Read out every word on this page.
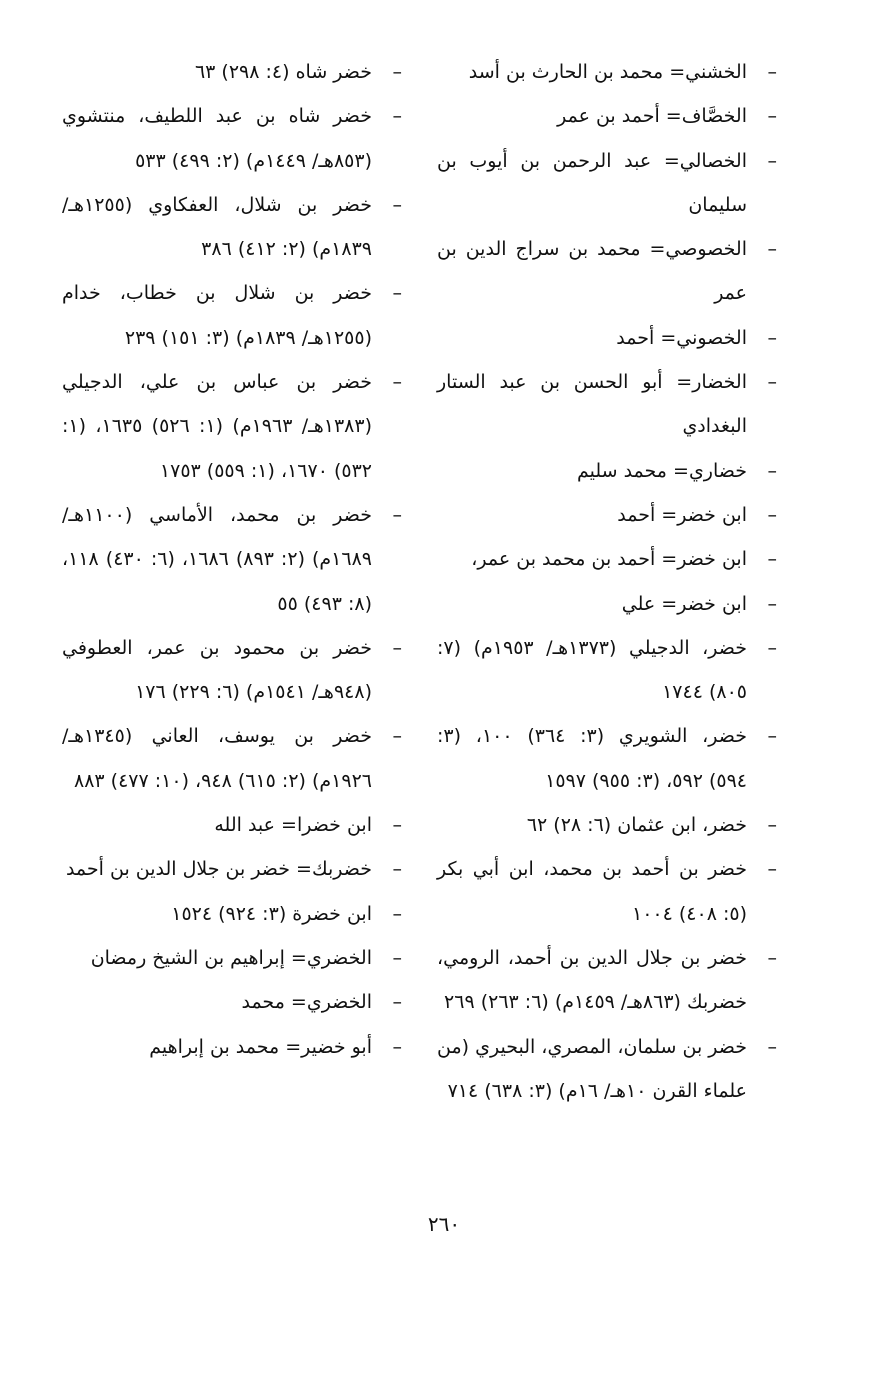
–
الخشني= محمد بن الحارث بن أسد

–
الخصَّاف= أحمد بن عمر

–
الخصالي= عبد الرحمن بن أيوب بن سليمان

–
الخصوصي= محمد بن سراج الدين بن عمر

–
الخصوني= أحمد

–
الخضار= أبو الحسن بن عبد الستار البغدادي

–
خضاري= محمد سليم

–
ابن خضر= أحمد

–
ابن خضر= أحمد بن محمد بن عمر،

–
ابن خضر= علي

–
خضر، الدجيلي (١٣٧٣هـ/ ١٩٥٣م) (٧: ٨٠٥) ١٧٤٤

–
خضر، الشويري (٣: ٣٦٤) ١٠٠، (٣: ٥٩٤) ٥٩٢، (٣: ٩٥٥) ١٥٩٧

–
خضر، ابن عثمان (٦: ٢٨) ٦٢

–
خضر بن أحمد بن محمد، ابن أبي بكر (٥: ٤٠٨) ١٠٠٤

–
خضر بن جلال الدين بن أحمد، الرومي، خضربك (٨٦٣هـ/ ١٤٥٩م) (٦: ٢٦٣) ٢٦٩

–
خضر بن سلمان، المصري، البحيري (من علماء القرن ١٠هـ/ ١٦م) (٣: ٦٣٨) ٧١٤

–
خضر شاه (٤: ٢٩٨) ٦٣

–
خضر شاه بن عبد اللطيف، منتشوي (٨٥٣هـ/ ١٤٤٩م) (٢: ٤٩٩) ٥٣٣

–
خضر بن شلال، العفكاوي (١٢٥٥هـ/ ١٨٣٩م) (٢: ٤١٢) ٣٨٦

–
خضر بن شلال بن خطاب، خدام (١٢٥٥هـ/ ١٨٣٩م) (٣: ١٥١) ٢٣٩

–
خضر بن عباس بن علي، الدجيلي (١٣٨٣هـ/ ١٩٦٣م) (١: ٥٢٦) ١٦٣٥، (١: ٥٣٢) ١٦٧٠، (١: ٥٥٩) ١٧٥٣

–
خضر بن محمد، الأماسي (١١٠٠هـ/ ١٦٨٩م) (٢: ٨٩٣) ١٦٨٦، (٦: ٤٣٠) ١١٨، (٨: ٤٩٣) ٥٥

–
خضر بن محمود بن عمر، العطوفي (٩٤٨هـ/ ١٥٤١م) (٦: ٢٢٩) ١٧٦

–
خضر بن يوسف، العاني (١٣٤٥هـ/ ١٩٢٦م) (٢: ٦١٥) ٩٤٨، (١٠: ٤٧٧) ٨٨٣

–
ابن خضرا= عبد الله

–
خضربك= خضر بن جلال الدين بن أحمد

–
ابن خضرة (٣: ٩٢٤) ١٥٢٤

–
الخضري= إبراهيم بن الشيخ رمضان

–
الخضري= محمد

–
أبو خضير= محمد بن إبراهيم

٢٦٠
